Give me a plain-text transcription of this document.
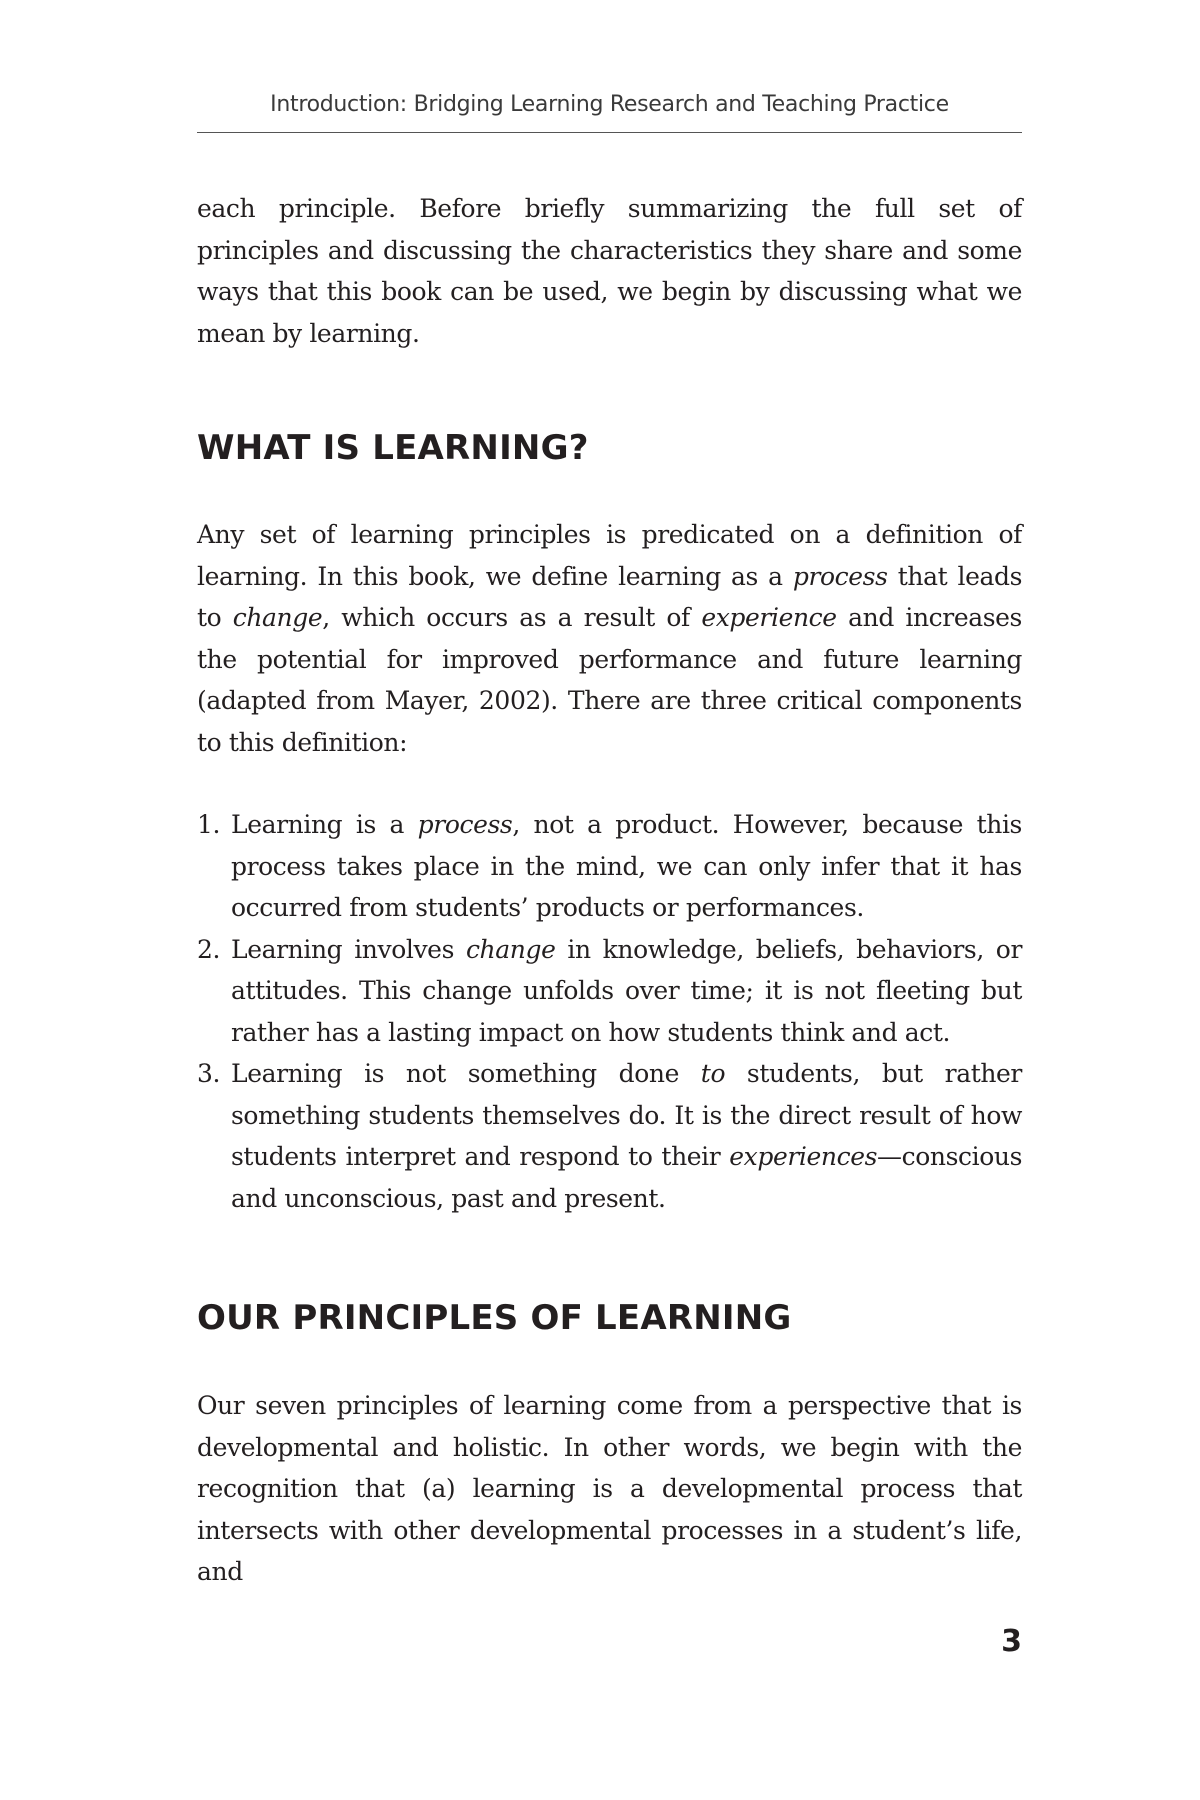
Introduction: Bridging Learning Research and Teaching Practice

each principle. Before briefly summarizing the full set of principles and discussing the characteristics they share and some ways that this book can be used, we begin by discussing what we mean by learning.

WHAT IS LEARNING?

Any set of learning principles is predicated on a definition of learning. In this book, we define learning as a process that leads to change, which occurs as a result of experience and increases the potential for improved performance and future learning (adapted from Mayer, 2002). There are three critical components to this definition:

1. Learning is a process, not a product. However, because this process takes place in the mind, we can only infer that it has occurred from students’ products or performances.
2. Learning involves change in knowledge, beliefs, behaviors, or attitudes. This change unfolds over time; it is not fleeting but rather has a lasting impact on how students think and act.
3. Learning is not something done to students, but rather something students themselves do. It is the direct result of how students interpret and respond to their experiences—conscious and unconscious, past and present.
OUR PRINCIPLES OF LEARNING

Our seven principles of learning come from a perspective that is developmental and holistic. In other words, we begin with the recognition that (a) learning is a developmental process that intersects with other developmental processes in a student’s life, and

3
